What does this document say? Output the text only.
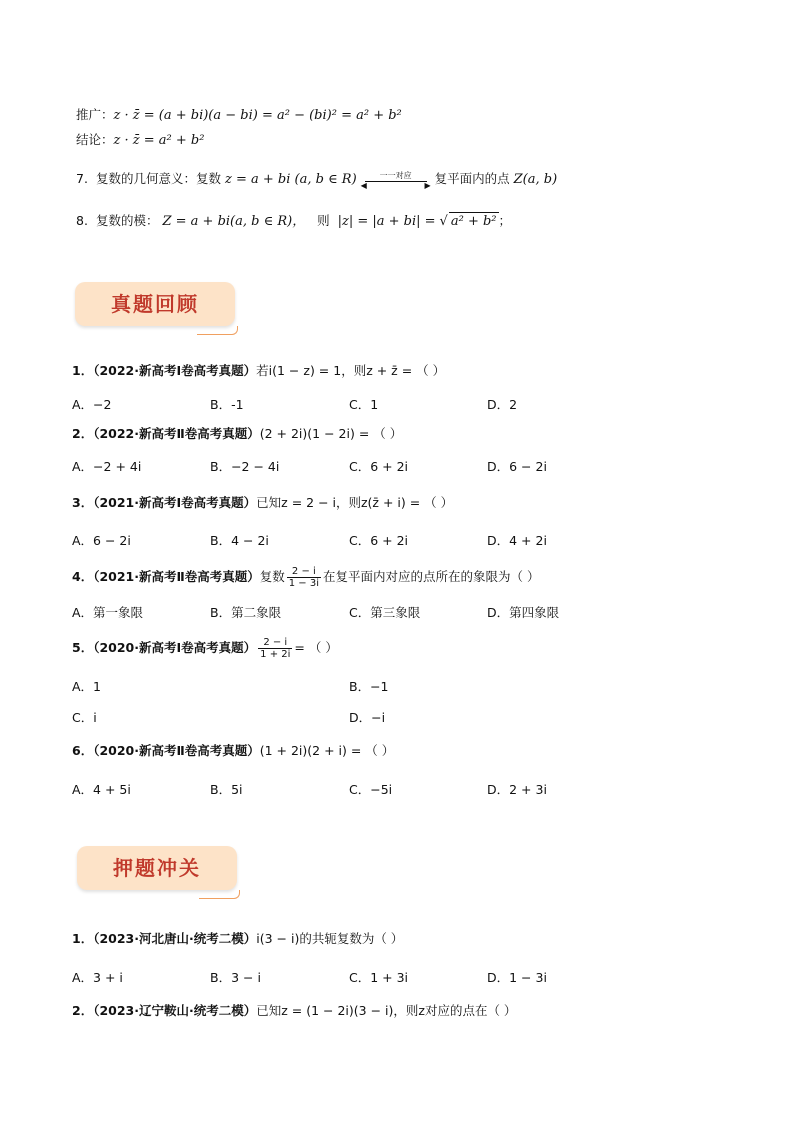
推广：z · z̄ = (a + bi)(a − bi) = a² − (bi)² = a² + b²
结论：z · z̄ = a² + b²
7. 复数的几何意义：复数 z = a + bi (a, b ∈ R)	一一对应
◀	▶ 复平面内的点 Z(a, b)
8. 复数的模： Z = a + bi(a, b ∈ R)， 则 |z| = |a + bi| = √ a² + b² ；
真题回顾
1．（2022·新高考Ⅰ卷高考真题）若i(1 − z) = 1，则z + z̄ = （ ）
A．−2	B．-1	C．1	D．2
2．（2022·新高考Ⅱ卷高考真题）(2 + 2i)(1 − 2i) = （ ）
A．−2 + 4i	B．−2 − 4i	C．6 + 2i	D．6 − 2i
3．（2021·新高考Ⅰ卷高考真题）已知z = 2 − i，则z(z̄ + i) = （ ）
A．6 − 2i	B．4 − 2i	C．6 + 2i	D．4 + 2i
4．（2021·新高考Ⅱ卷高考真题）复数 $\frac{2 - i}{1 - 3i}$ 在复平面内对应的点所在的象限为（ ）
A．第一象限	B．第二象限	C．第三象限	D．第四象限
5．（2020·新高考Ⅰ卷高考真题） $\frac{2 - i}{1 + 2i}$ = （ ）
A．1	B．−1
C．i	D．−i
6．（2020·新高考Ⅱ卷高考真题）(1 + 2i)(2 + i) = （ ）
A．4 + 5i	B．5i	C．−5i	D．2 + 3i
押题冲关
1．（2023·河北唐山·统考二模）i(3 − i)的共轭复数为（ ）
A．3 + i	B．3 − i	C．1 + 3i	D．1 − 3i
2．（2023·辽宁鞍山·统考二模）已知z = (1 − 2i)(3 − i)，则z对应的点在（ ）
